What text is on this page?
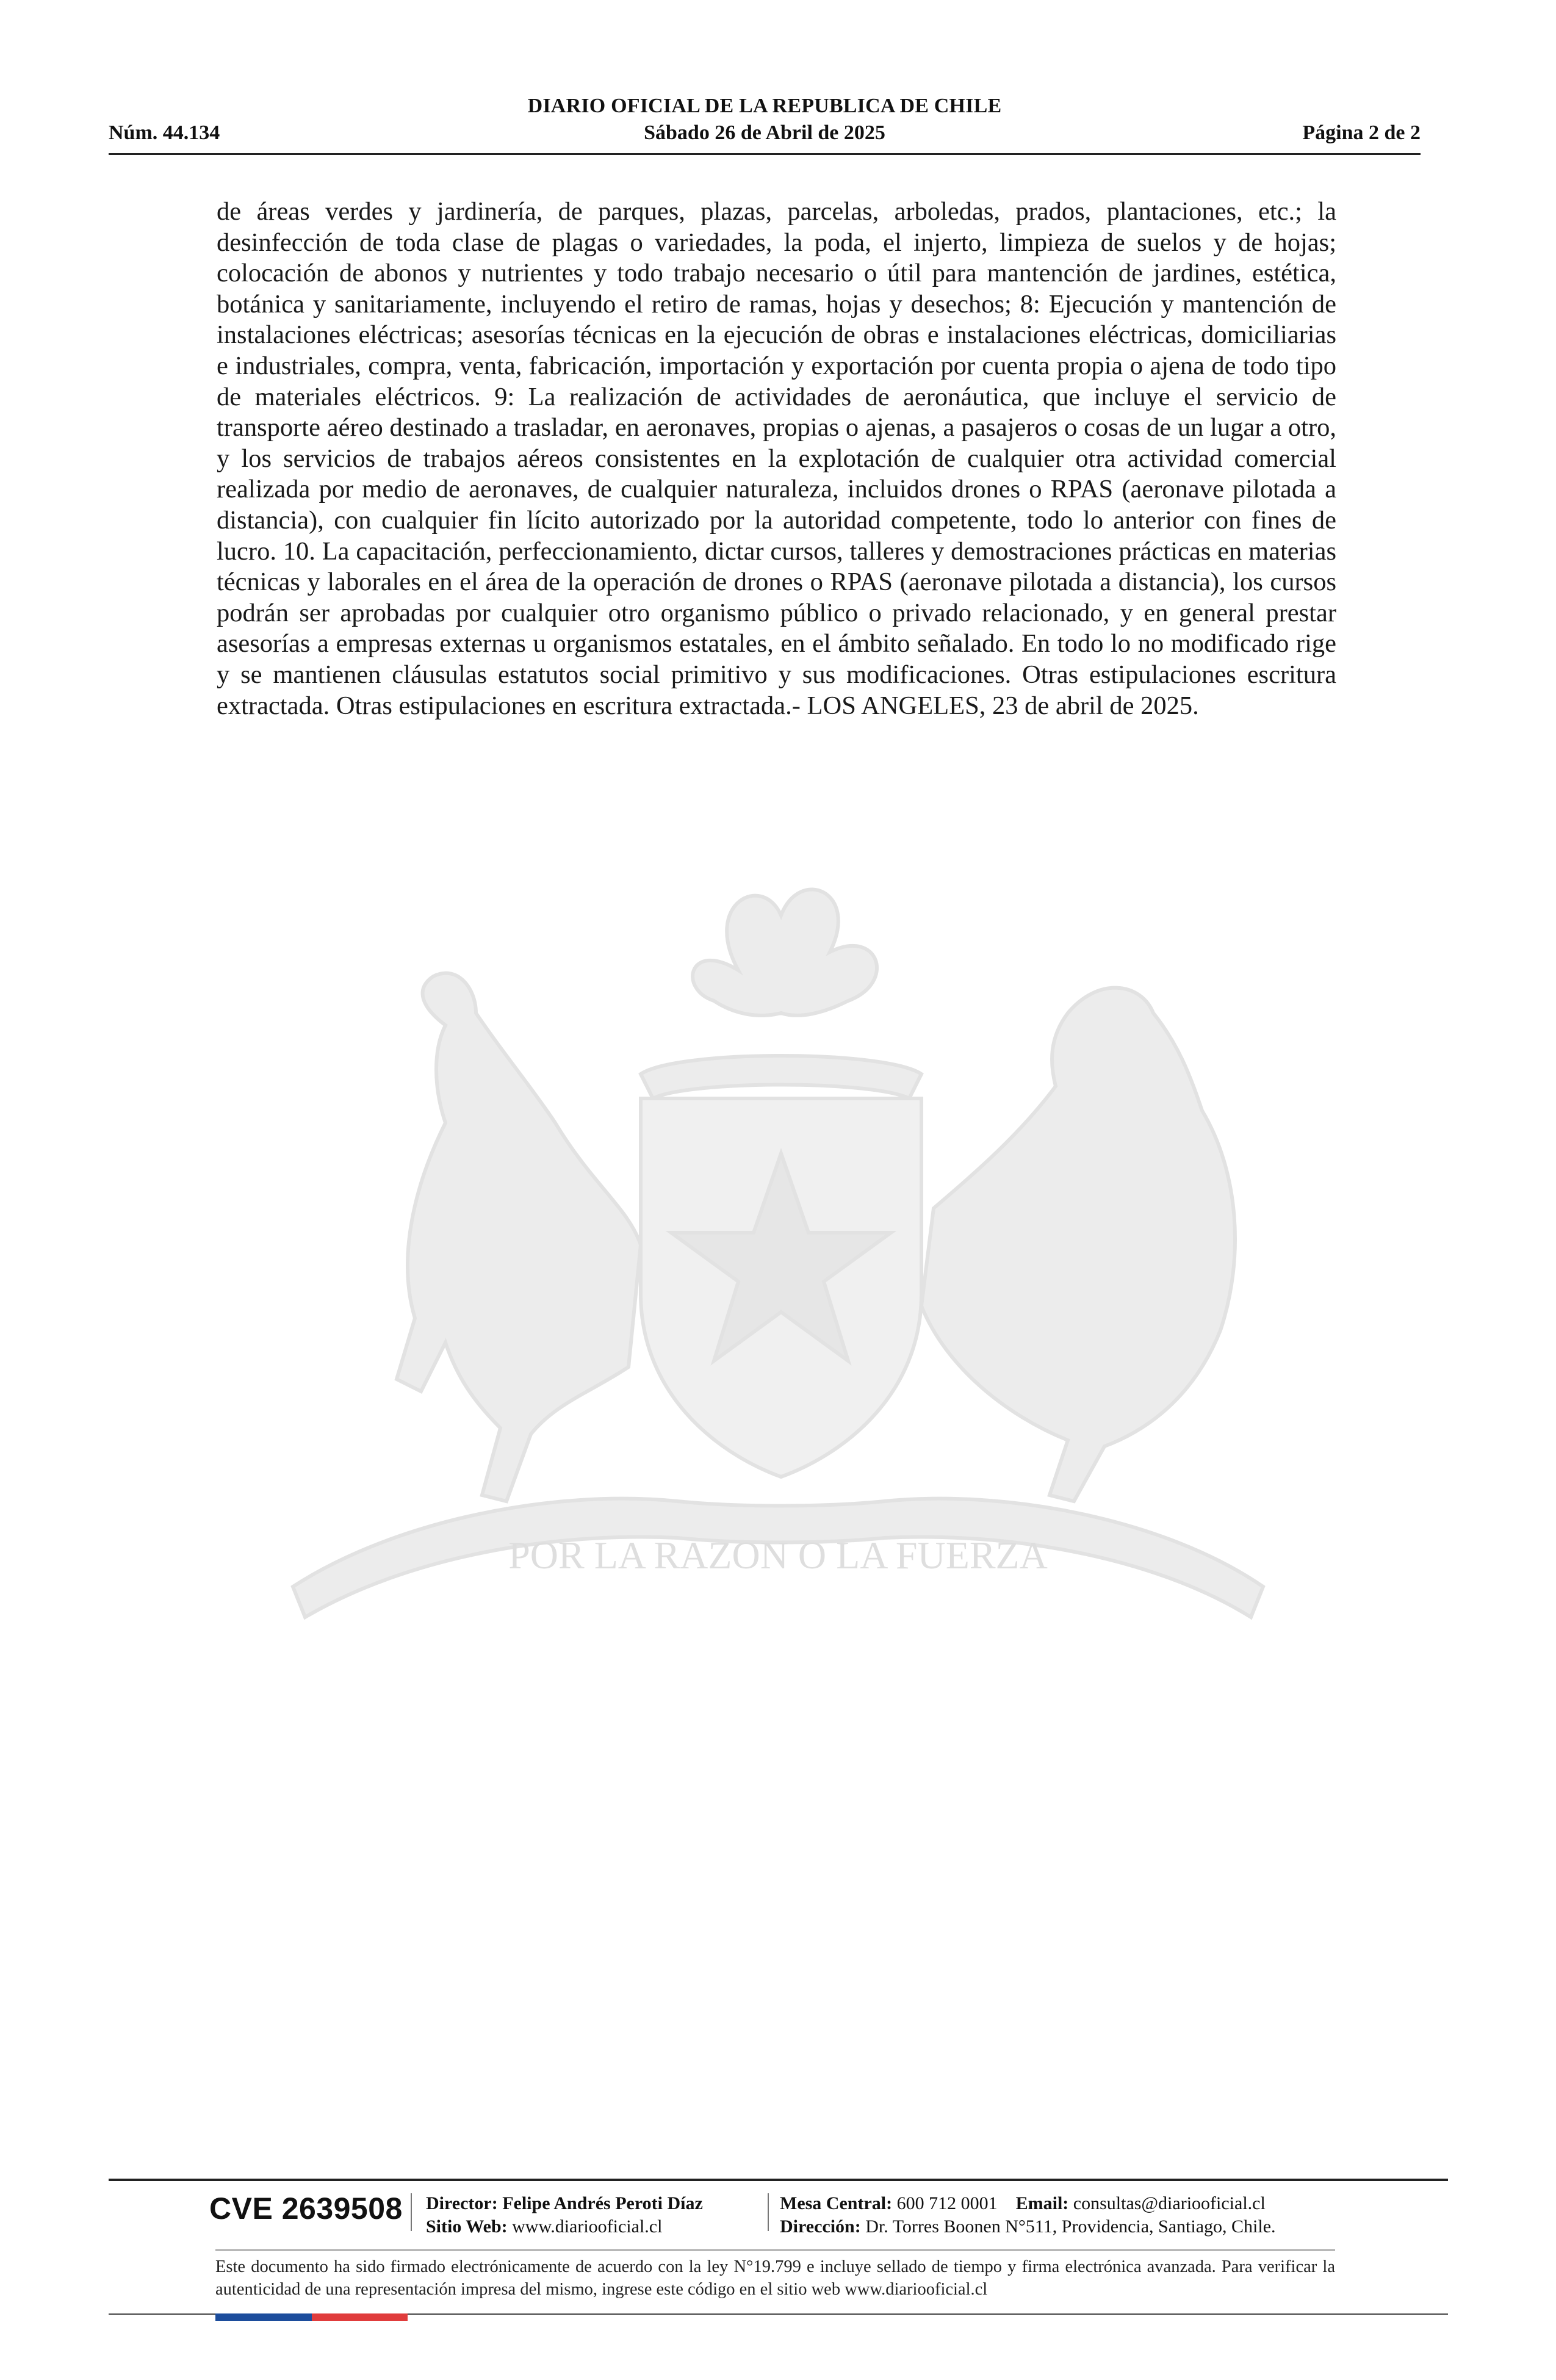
DIARIO OFICIAL DE LA REPUBLICA DE CHILE
Núm. 44.134	Sábado 26 de Abril de 2025	Página 2 de 2
de áreas verdes y jardinería, de parques, plazas, parcelas, arboledas, prados, plantaciones, etc.; la desinfección de toda clase de plagas o variedades, la poda, el injerto, limpieza de suelos y de hojas; colocación de abonos y nutrientes y todo trabajo necesario o útil para mantención de jardines, estética, botánica y sanitariamente, incluyendo el retiro de ramas, hojas y desechos; 8: Ejecución y mantención de instalaciones eléctricas; asesorías técnicas en la ejecución de obras e instalaciones eléctricas, domiciliarias e industriales, compra, venta, fabricación, importación y exportación por cuenta propia o ajena de todo tipo de materiales eléctricos. 9: La realización de actividades de aeronáutica, que incluye el servicio de transporte aéreo destinado a trasladar, en aeronaves, propias o ajenas, a pasajeros o cosas de un lugar a otro, y los servicios de trabajos aéreos consistentes en la explotación de cualquier otra actividad comercial realizada por medio de aeronaves, de cualquier naturaleza, incluidos drones o RPAS (aeronave pilotada a distancia), con cualquier fin lícito autorizado por la autoridad competente, todo lo anterior con fines de lucro. 10. La capacitación, perfeccionamiento, dictar cursos, talleres y demostraciones prácticas en materias técnicas y laborales en el área de la operación de drones o RPAS (aeronave pilotada a distancia), los cursos podrán ser aprobadas por cualquier otro organismo público o privado relacionado, y en general prestar asesorías a empresas externas u organismos estatales, en el ámbito señalado. En todo lo no modificado rige y se mantienen cláusulas estatutos social primitivo y sus modificaciones. Otras estipulaciones escritura extractada. Otras estipulaciones en escritura extractada.- LOS ANGELES, 23 de abril de 2025.
POR LA RAZON O LA FUERZA
CVE 2639508 Director: Felipe Andrés Peroti Díaz
Sitio Web: www.diariooficial.cl
Mesa Central: 600 712 0001 Email: consultas@diariooficial.cl
Dirección: Dr. Torres Boonen N°511, Providencia, Santiago, Chile.
Este documento ha sido firmado electrónicamente de acuerdo con la ley N°19.799 e incluye sellado de tiempo y firma electrónica avanzada. Para verificar la autenticidad de una representación impresa del mismo, ingrese este código en el sitio web www.diariooficial.cl
